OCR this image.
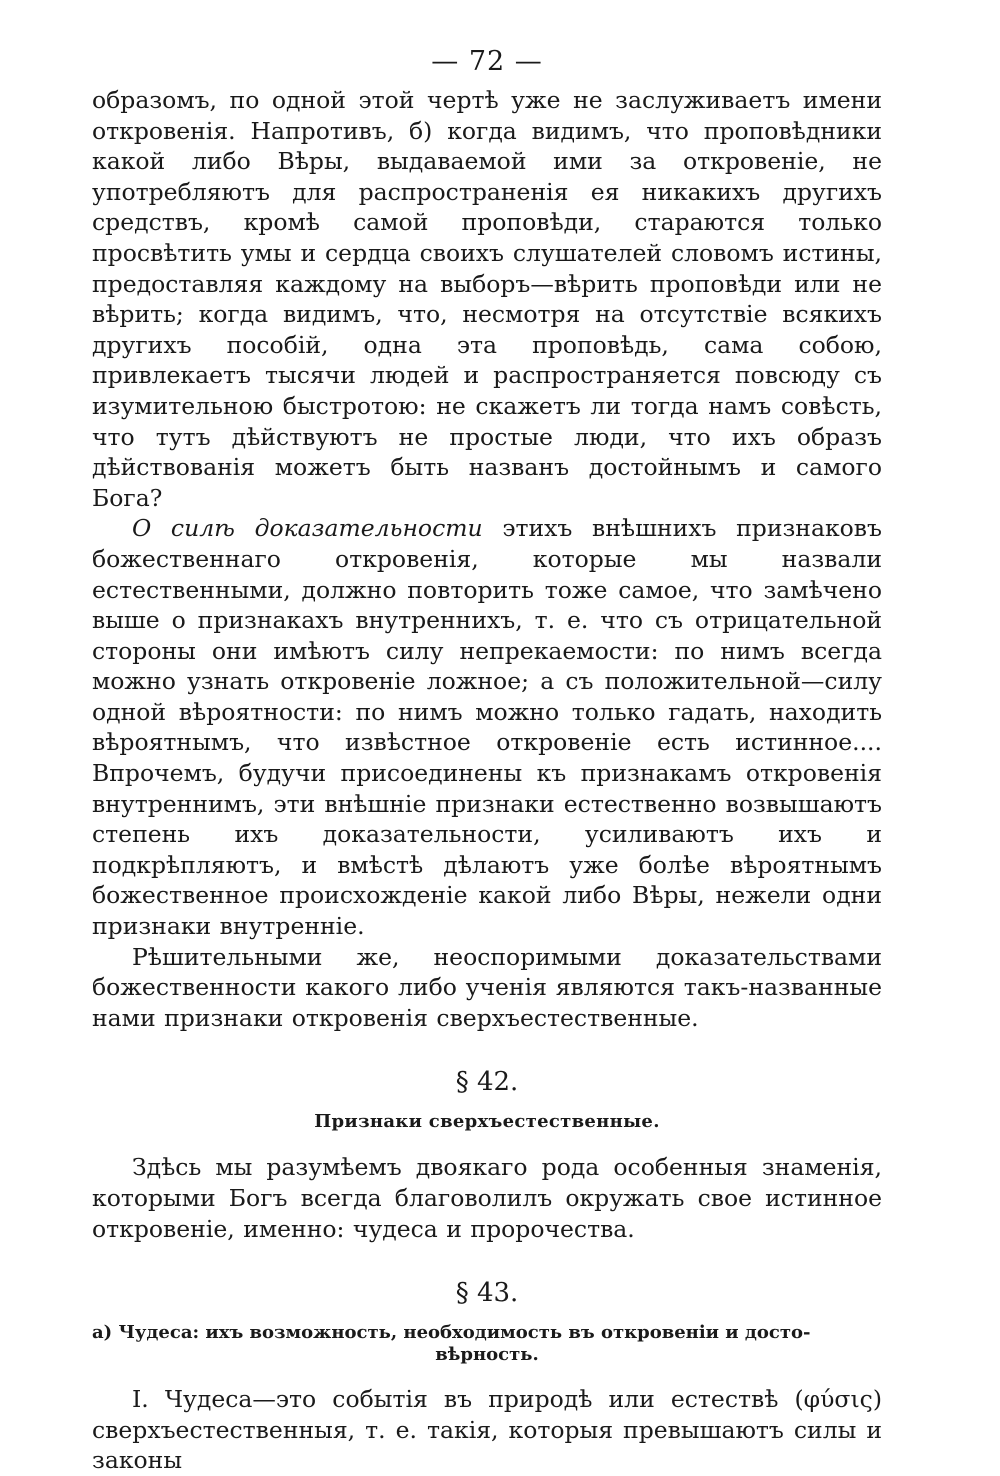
— 72 —

образомъ, по одной этой чертѣ уже не заслуживаетъ имени откровенія. Напротивъ, б) когда видимъ, что проповѣдники какой либо Вѣры, выдаваемой ими за откровеніе, не употребляютъ для распространенія ея никакихъ другихъ средствъ, кромѣ самой проповѣди, стараются только просвѣтить умы и сердца своихъ слушателей словомъ истины, предоставляя каждому на выборъ—вѣрить проповѣди или не вѣрить; когда видимъ, что, несмотря на отсутствіе всякихъ другихъ пособій, одна эта проповѣдь, сама собою, привлекаетъ тысячи людей и распространяется повсюду съ изумительною быстротою: не скажетъ ли тогда намъ совѣсть, что тутъ дѣйствуютъ не простые люди, что ихъ образъ дѣйствованія можетъ быть названъ достойнымъ и самого Бога?

О силѣ доказательности этихъ внѣшнихъ признаковъ божественнаго откровенія, которые мы назвали естественными, должно повторить тоже самое, что замѣчено выше о признакахъ внутреннихъ, т. е. что съ отрицательной стороны они имѣютъ силу непрекаемости: по нимъ всегда можно узнать откровеніе ложное; а съ положительной—силу одной вѣроятности: по нимъ можно только гадать, находить вѣроятнымъ, что извѣстное откровеніе есть истинное.... Впрочемъ, будучи присоединены къ признакамъ откровенія внутреннимъ, эти внѣшніе признаки естественно возвышаютъ степень ихъ доказательности, усиливаютъ ихъ и подкрѣпляютъ, и вмѣстѣ дѣлаютъ уже болѣе вѣроятнымъ божественное происхожденіе какой либо Вѣры, нежели одни признаки внутренніе.

Рѣшительными же, неоспоримыми доказательствами божественности какого либо ученія являются такъ-названные нами признаки откровенія сверхъестественные.

§ 42.
Признаки сверхъестественные.

Здѣсь мы разумѣемъ двоякаго рода особенныя знаменія, которыми Богъ всегда благоволилъ окружать свое истинное откровеніе, именно: чудеса и пророчества.

§ 43.
а) Чудеса: ихъ возможность, необходимость въ откровеніи и досто-
вѣрность.

I. Чудеса—это событія въ природѣ или естествѣ (φύσις) сверхъестественныя, т. е. такія, которыя превышаютъ силы и законы
